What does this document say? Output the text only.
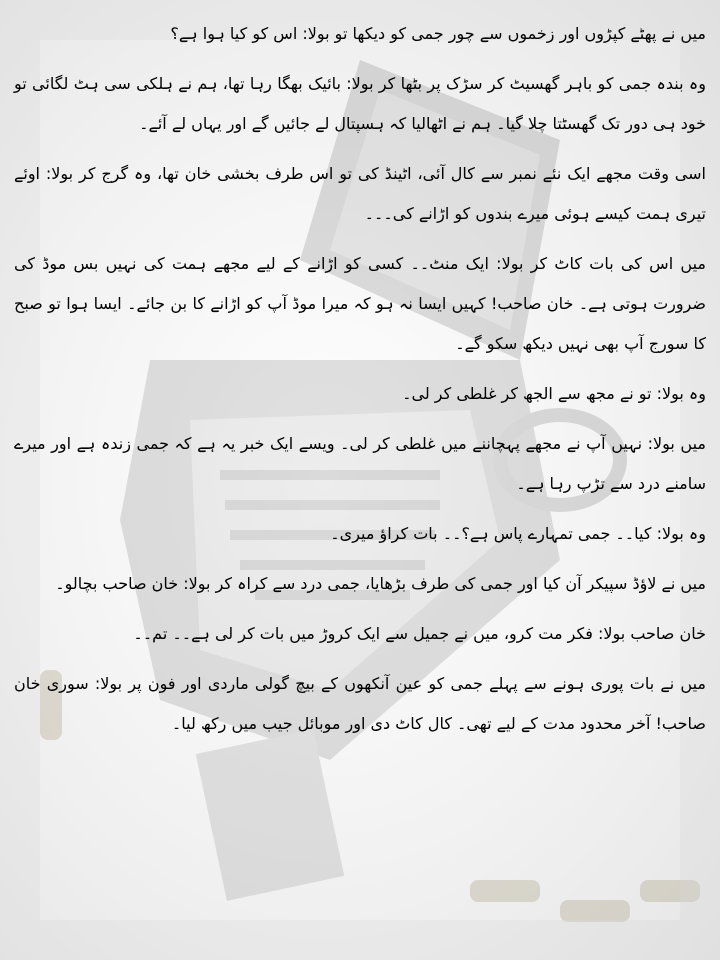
میں نے پھٹے کپڑوں اور زخموں سے چور جمی کو دیکھا تو بولا: اس کو کیا ہوا ہے؟

وہ بندہ جمی کو باہر گھسیٹ کر سڑک پر بٹھا کر بولا: بائیک بھگا رہا تھا، ہم نے ہلکی سی ہٹ لگائی تو خود ہی دور تک گھسٹتا چلا گیا۔ ہم نے اٹھالیا کہ ہسپتال لے جائیں گے اور یہاں لے آئے۔

اسی وقت مجھے ایک نئے نمبر سے کال آئی، اٹینڈ کی تو اس طرف بخشی خان تھا، وہ گرج کر بولا: اوئے تیری ہمت کیسے ہوئی میرے بندوں کو اڑانے کی۔۔۔

میں اس کی بات کاٹ کر بولا: ایک منٹ۔۔ کسی کو اڑانے کے لیے مجھے ہمت کی نہیں بس موڈ کی ضرورت ہوتی ہے۔ خان صاحب! کہیں ایسا نہ ہو کہ میرا موڈ آپ کو اڑانے کا بن جائے۔ ایسا ہوا تو صبح کا سورج آپ بھی نہیں دیکھ سکو گے۔

وہ بولا: تو نے مجھ سے الجھ کر غلطی کر لی۔

میں بولا: نہیں آپ نے مجھے پہچاننے میں غلطی کر لی۔ ویسے ایک خبر یہ ہے کہ جمی زندہ ہے اور میرے سامنے درد سے تڑپ رہا ہے۔

وہ بولا: کیا۔۔ جمی تمہارے پاس ہے؟۔۔ بات کراؤ میری۔

میں نے لاؤڈ سپیکر آن کیا اور جمی کی طرف بڑھایا، جمی درد سے کراہ کر بولا: خان صاحب بچالو۔

خان صاحب بولا: فکر مت کرو، میں نے جمیل سے ایک کروڑ میں بات کر لی ہے۔۔ تم۔۔

میں نے بات پوری ہونے سے پہلے جمی کو عین آنکھوں کے بیچ گولی ماردی اور فون پر بولا: سوری خان صاحب! آخر محدود مدت کے لیے تھی۔ کال کاٹ دی اور موبائل جیب میں رکھ لیا۔
